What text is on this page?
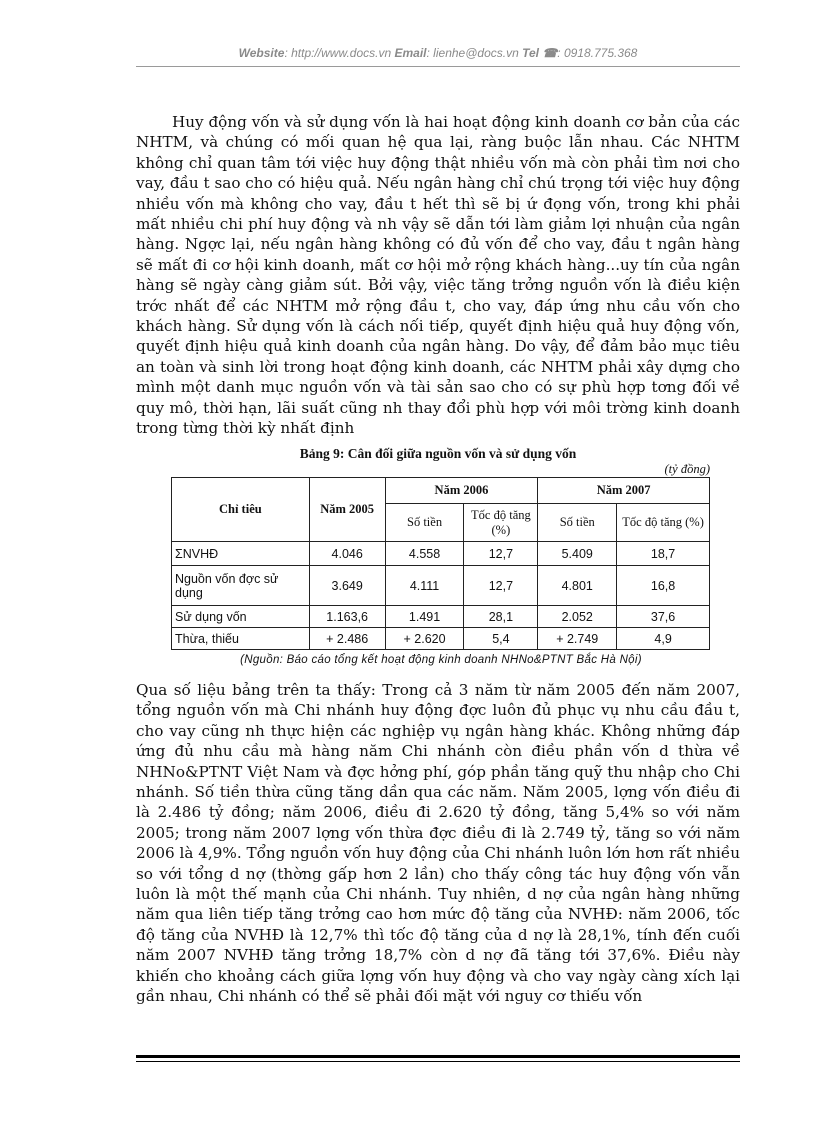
Website: http://www.docs.vn Email: lienhe@docs.vn Tel ☎: 0918.775.368
Huy động vốn và sử dụng vốn là hai hoạt động kinh doanh cơ bản của các NHTM, và chúng có mối quan hệ qua lại, ràng buộc lẫn nhau. Các NHTM không chỉ quan tâm tới việc huy động thật nhiều vốn mà còn phải tìm nơi cho vay, đầu t sao cho có hiệu quả. Nếu ngân hàng chỉ chú trọng tới việc huy động nhiều vốn mà không cho vay, đầu t hết thì sẽ bị ứ đọng vốn, trong khi phải mất nhiều chi phí huy động và nh vậy sẽ dẫn tới làm giảm lợi nhuận của ngân hàng. Ngợc lại, nếu ngân hàng không có đủ vốn để cho vay, đầu t ngân hàng sẽ mất đi cơ hội kinh doanh, mất cơ hội mở rộng khách hàng...uy tín của ngân hàng sẽ ngày càng giảm sút. Bởi vậy, việc tăng trởng nguồn vốn là điều kiện trớc nhất để các NHTM mở rộng đầu t, cho vay, đáp ứng nhu cầu vốn cho khách hàng. Sử dụng vốn là cách nối tiếp, quyết định hiệu quả huy động vốn, quyết định hiệu quả kinh doanh của ngân hàng. Do vậy, để đảm bảo mục tiêu an toàn và sinh lời trong hoạt động kinh doanh, các NHTM phải xây dựng cho mình một danh mục nguồn vốn và tài sản sao cho có sự phù hợp tơng đối về quy mô, thời hạn, lãi suất cũng nh thay đổi phù hợp với môi trờng kinh doanh trong từng thời kỳ nhất định
Bảng 9: Cân đối giữa nguồn vốn và sử dụng vốn
(tỷ đồng)
Chỉ tiêu	Năm 2005	Năm 2006		Năm 2007	
		Số tiền	Tốc độ tăng (%)	Số tiền	Tốc độ tăng (%)
ΣNVHĐ	4.046	4.558	12,7	5.409	18,7
Nguồn vốn đợc sử dụng	3.649	4.111	12,7	4.801	16,8
Sử dụng vốn	1.163,6	1.491	28,1	2.052	37,6
Thừa, thiếu	+ 2.486	+ 2.620	5,4	+ 2.749	4,9
(Nguồn: Báo cáo tổng kết hoạt động kinh doanh NHNo&PTNT Bắc Hà Nội)
Qua số liệu bảng trên ta thấy: Trong cả 3 năm từ năm 2005 đến năm 2007, tổng nguồn vốn mà Chi nhánh huy động đợc luôn đủ phục vụ nhu cầu đầu t, cho vay cũng nh thực hiện các nghiệp vụ ngân hàng khác. Không những đáp ứng đủ nhu cầu mà hàng năm Chi nhánh còn điều phần vốn d thừa về NHNo&PTNT Việt Nam và đợc hởng phí, góp phần tăng quỹ thu nhập cho Chi nhánh. Số tiền thừa cũng tăng dần qua các năm. Năm 2005, lợng vốn điều đi là 2.486 tỷ đồng; năm 2006, điều đi 2.620 tỷ đồng, tăng 5,4% so với năm 2005; trong năm 2007 lợng vốn thừa đợc điều đi là 2.749 tỷ, tăng so với năm 2006 là 4,9%. Tổng nguồn vốn huy động của Chi nhánh luôn lớn hơn rất nhiều so với tổng d nợ (thờng gấp hơn 2 lần) cho thấy công tác huy động vốn vẫn luôn là một thế mạnh của Chi nhánh. Tuy nhiên, d nợ của ngân hàng những năm qua liên tiếp tăng trởng cao hơn mức độ tăng của NVHĐ: năm 2006, tốc độ tăng của NVHĐ là 12,7% thì tốc độ tăng của d nợ là 28,1%, tính đến cuối năm 2007 NVHĐ tăng trởng 18,7% còn d nợ đã tăng tới 37,6%. Điều này khiến cho khoảng cách giữa lợng vốn huy động và cho vay ngày càng xích lại gần nhau, Chi nhánh có thể sẽ phải đối mặt với nguy cơ thiếu vốn
